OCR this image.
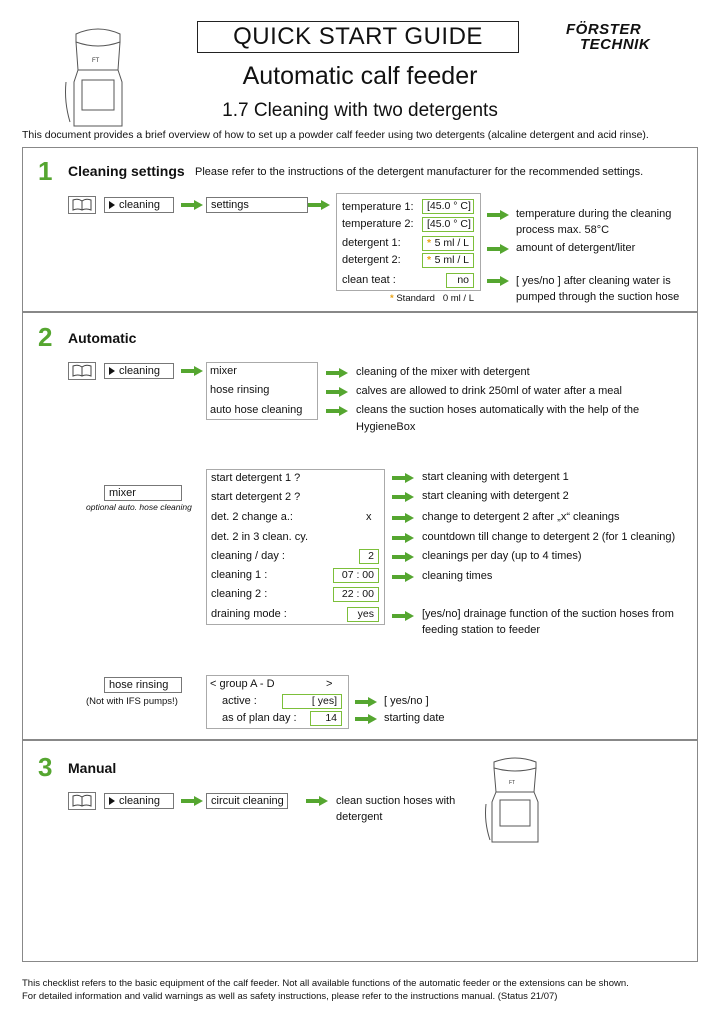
FT
QUICK START GUIDE	FÖRSTER
TECHNIK
Automatic calf feeder
1.7 Cleaning with two detergents
This document provides a brief overview of how to set up a powder calf feeder using two detergents (alcaline detergent and acid rinse).
1 Cleaning settings Please refer to the instructions of the detergent manufacturer for the recommended settings.
cleaning	settings	temperature 1:	[45.0 ° C]
temperature 2:	[45.0 ° C]
detergent 1:	* 5 ml / L
detergent 2:	* 5 ml / L
clean teat :	no
* Standard 0 ml / L
temperature during the cleaning
process max. 58°C
amount of detergent/liter
[ yes/no ] after cleaning water is
pumped through the suction hose
2 Automatic
cleaning	mixer
hose rinsing
auto hose cleaning
cleaning of the mixer with detergent
calves are allowed to drink 250ml of water after a meal
cleans the suction hoses automatically with the help of the
HygieneBox
mixer
optional auto. hose cleaning
start detergent 1 ?
start detergent 2 ?
det. 2 change a.:	x
det. 2 in 3 clean. cy.
cleaning / day :	2
cleaning 1 :	07 : 00
cleaning 2 :	22 : 00
draining mode :	yes
start cleaning with detergent 1
start cleaning with detergent 2
change to detergent 2 after „x“ cleanings
countdown till change to detergent 2 (for 1 cleaning)
cleanings per day (up to 4 times)
cleaning times
[yes/no] drainage function of the suction hoses from
feeding station to feeder
hose rinsing
(Not with IFS pumps!)
< group A - D	>
active :	[ yes]
as of plan day :	14
[ yes/no ]
starting date
3 Manual
cleaning	circuit cleaning	clean suction hoses with
detergent
FT
This checklist refers to the basic equipment of the calf feeder. Not all available functions of the automatic feeder or the extensions can be shown.
For detailed information and valid warnings as well as safety instructions, please refer to the instructions manual. (Status 21/07)
